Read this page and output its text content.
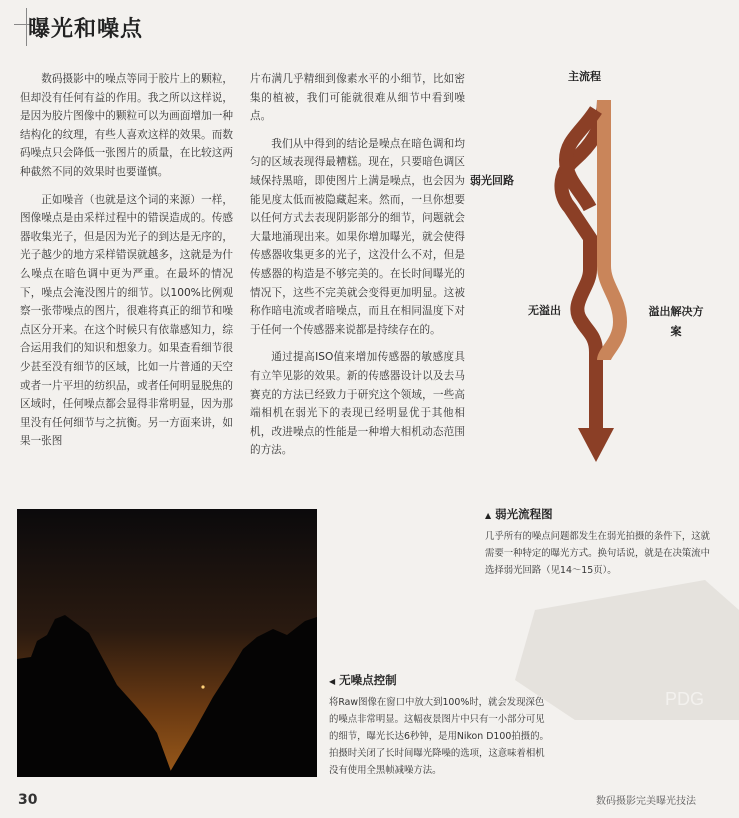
曝光和噪点

数码摄影中的噪点等同于胶片上的颗粒，但却没有任何有益的作用。我之所以这样说，是因为胶片图像中的颗粒可以为画面增加一种结构化的纹理，有些人喜欢这样的效果。而数码噪点只会降低一张图片的质量，在比较这两种截然不同的效果时也要谨慎。

正如噪音（也就是这个词的来源）一样，图像噪点是由采样过程中的错误造成的。传感器收集光子，但是因为光子的到达是无序的，光子越少的地方采样错误就越多，这就是为什么噪点在暗色调中更为严重。在最坏的情况下，噪点会淹没图片的细节。以100%比例观察一张带噪点的图片，很难将真正的细节和噪点区分开来。在这个时候只有依靠感知力，综合运用我们的知识和想象力。如果查看细节很少甚至没有细节的区域，比如一片普通的天空或者一片平坦的纺织品，或者任何明显脱焦的区域时，任何噪点都会显得非常明显，因为那里没有任何细节与之抗衡。另一方面来讲，如果一张图

片布满几乎精细到像素水平的小细节，比如密集的植被，我们可能就很难从细节中看到噪点。

我们从中得到的结论是噪点在暗色调和均匀的区域表现得最糟糕。现在，只要暗色调区域保持黑暗，即使图片上满是噪点，也会因为能见度太低而被隐藏起来。然而，一旦你想要以任何方式去表现阴影部分的细节，问题就会大量地涌现出来。如果你增加曝光，就会使得传感器收集更多的光子，这没什么不对，但是传感器的构造是不够完美的。在长时间曝光的情况下，这些不完美就会变得更加明显。这被称作暗电流或者暗噪点，而且在相同温度下对于任何一个传感器来说都是持续存在的。

通过提高ISO值来增加传感器的敏感度具有立竿见影的效果。新的传感器设计以及去马赛克的方法已经致力于研究这个领域，一些高端相机在弱光下的表现已经明显优于其他相机，改进噪点的性能是一种增大相机动态范围的方法。

主流程
弱光回路
无溢出	溢出解决方案
▲ 弱光流程图
几乎所有的噪点问题都发生在弱光拍摄的条件下，这就需要一种特定的曝光方式。换句话说，就是在决策流中选择弱光回路（见14～15页）。
◀ 无噪点控制
将Raw图像在窗口中放大到100%时，就会发现深色的噪点非常明显。这幅夜景图片中只有一小部分可见的细节，曝光长达6秒钟，是用Nikon D100拍摄的。拍摄时关闭了长时间曝光降噪的选项，这意味着相机没有使用全黑帧减噪方法。
PDG
30	数码摄影完美曝光技法
